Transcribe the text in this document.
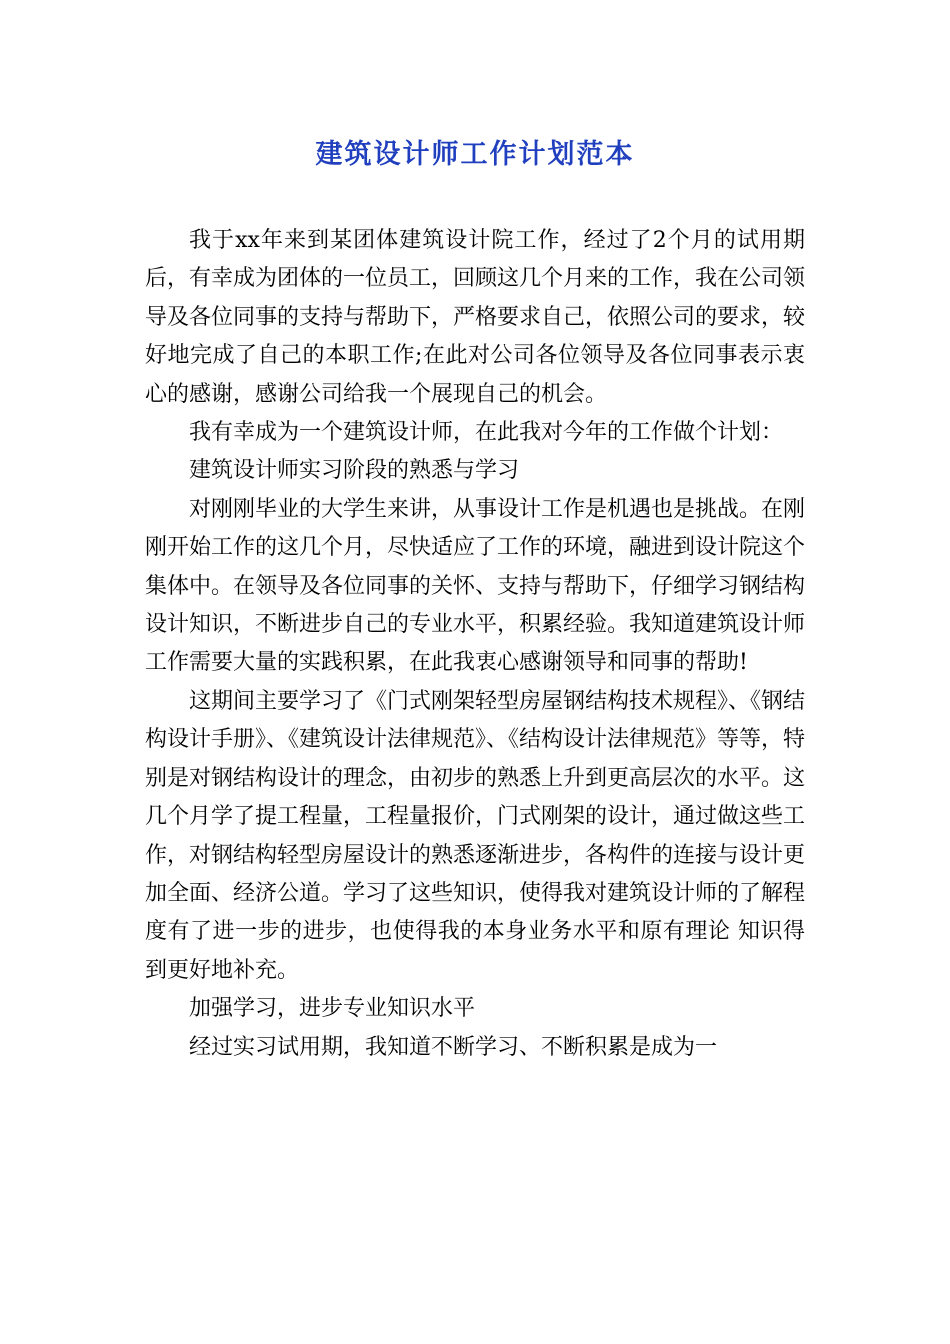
建筑设计师工作计划范本

我于xx年来到某团体建筑设计院工作，经过了2个月的试用期后，有幸成为团体的一位员工，回顾这几个月来的工作，我在公司领导及各位同事的支持与帮助下，严格要求自己，依照公司的要求，较好地完成了自己的本职工作;在此对公司各位领导及各位同事表示衷心的感谢，感谢公司给我一个展现自己的机会。

我有幸成为一个建筑设计师，在此我对今年的工作做个计划：

建筑设计师实习阶段的熟悉与学习

对刚刚毕业的大学生来讲，从事设计工作是机遇也是挑战。在刚刚开始工作的这几个月，尽快适应了工作的环境，融进到设计院这个集体中。在领导及各位同事的关怀、支持与帮助下，仔细学习钢结构设计知识，不断进步自己的专业水平，积累经验。我知道建筑设计师工作需要大量的实践积累，在此我衷心感谢领导和同事的帮助!

这期间主要学习了《门式刚架轻型房屋钢结构技术规程》、《钢结构设计手册》、《建筑设计法律规范》、《结构设计法律规范》等等，特别是对钢结构设计的理念，由初步的熟悉上升到更高层次的水平。这几个月学了提工程量，工程量报价，门式刚架的设计，通过做这些工作，对钢结构轻型房屋设计的熟悉逐渐进步，各构件的连接与设计更加全面、经济公道。学习了这些知识，使得我对建筑设计师的了解程度有了进一步的进步，也使得我的本身业务水平和原有理论 知识得到更好地补充。

加强学习，进步专业知识水平

经过实习试用期，我知道不断学习、不断积累是成为一
